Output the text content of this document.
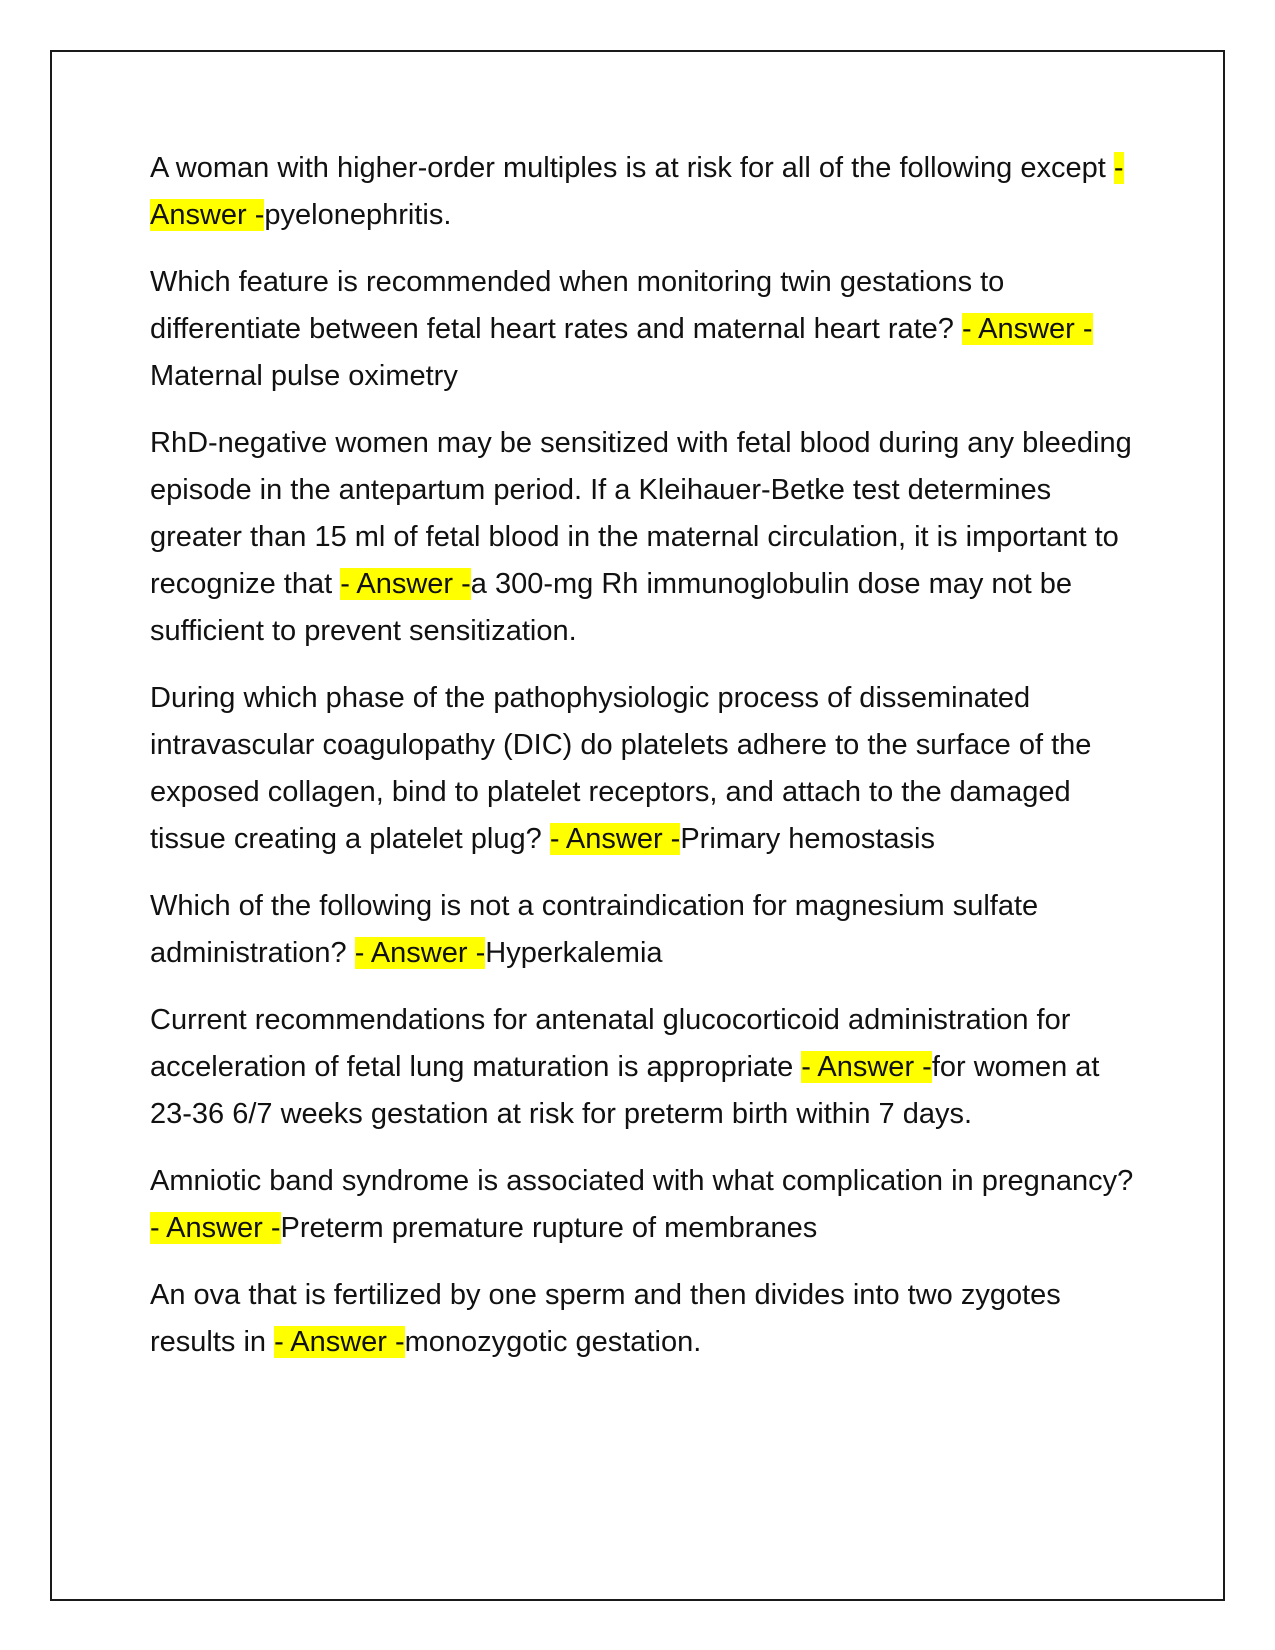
A woman with higher-order multiples is at risk for all of the following except - Answer -pyelonephritis.

Which feature is recommended when monitoring twin gestations to differentiate between fetal heart rates and maternal heart rate? - Answer -Maternal pulse oximetry

RhD-negative women may be sensitized with fetal blood during any bleeding episode in the antepartum period. If a Kleihauer-Betke test determines greater than 15 ml of fetal blood in the maternal circulation, it is important to recognize that - Answer -a 300-mg Rh immunoglobulin dose may not be sufficient to prevent sensitization.

During which phase of the pathophysiologic process of disseminated intravascular coagulopathy (DIC) do platelets adhere to the surface of the exposed collagen, bind to platelet receptors, and attach to the damaged tissue creating a platelet plug? - Answer -Primary hemostasis

Which of the following is not a contraindication for magnesium sulfate administration? - Answer -Hyperkalemia

Current recommendations for antenatal glucocorticoid administration for acceleration of fetal lung maturation is appropriate - Answer -for women at 23-36 6/7 weeks gestation at risk for preterm birth within 7 days.

Amniotic band syndrome is associated with what complication in pregnancy? - Answer -Preterm premature rupture of membranes

An ova that is fertilized by one sperm and then divides into two zygotes results in - Answer -monozygotic gestation.
